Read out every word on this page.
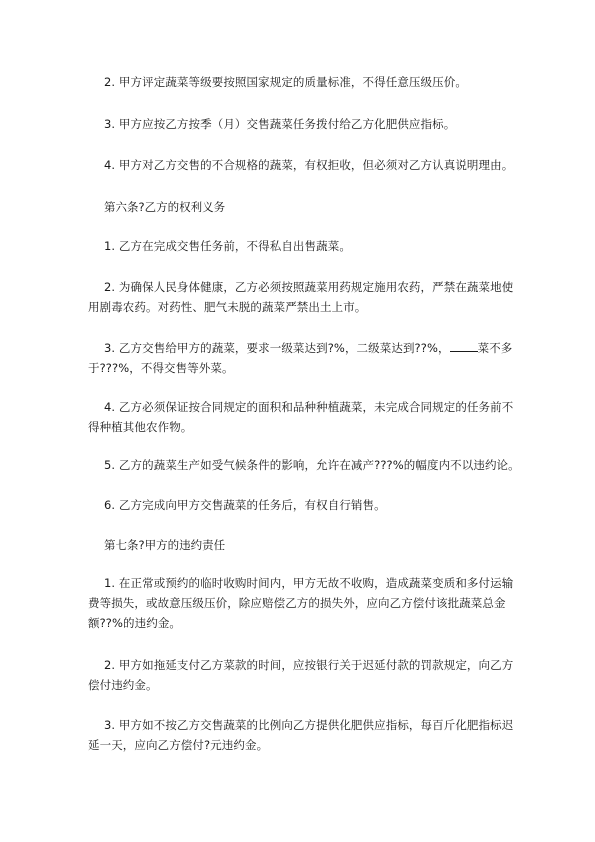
2. 甲方评定蔬菜等级要按照国家规定的质量标准，不得任意压级压价。

3. 甲方应按乙方按季（月）交售蔬菜任务拨付给乙方化肥供应指标。

4. 甲方对乙方交售的不合规格的蔬菜，有权拒收，但必须对乙方认真说明理由。

第六条?乙方的权利义务

1. 乙方在完成交售任务前，不得私自出售蔬菜。

2. 为确保人民身体健康，乙方必须按照蔬菜用药规定施用农药，严禁在蔬菜地使用剧毒农药。对药性、肥气未脱的蔬菜严禁出土上市。

3. 乙方交售给甲方的蔬菜，要求一级菜达到?%，二级菜达到??%， 菜不多于???%，不得交售等外菜。

4. 乙方必须保证按合同规定的面积和品种种植蔬菜，未完成合同规定的任务前不得种植其他农作物。

5. 乙方的蔬菜生产如受气候条件的影响，允许在减产???%的幅度内不以违约论。

6. 乙方完成向甲方交售蔬菜的任务后，有权自行销售。

第七条?甲方的违约责任

1. 在正常或预约的临时收购时间内，甲方无故不收购，造成蔬菜变质和多付运输费等损失，或故意压级压价，除应赔偿乙方的损失外，应向乙方偿付该批蔬菜总金额??%的违约金。

2. 甲方如拖延支付乙方菜款的时间，应按银行关于迟延付款的罚款规定，向乙方偿付违约金。

3. 甲方如不按乙方交售蔬菜的比例向乙方提供化肥供应指标，每百斤化肥指标迟延一天，应向乙方偿付?元违约金。
